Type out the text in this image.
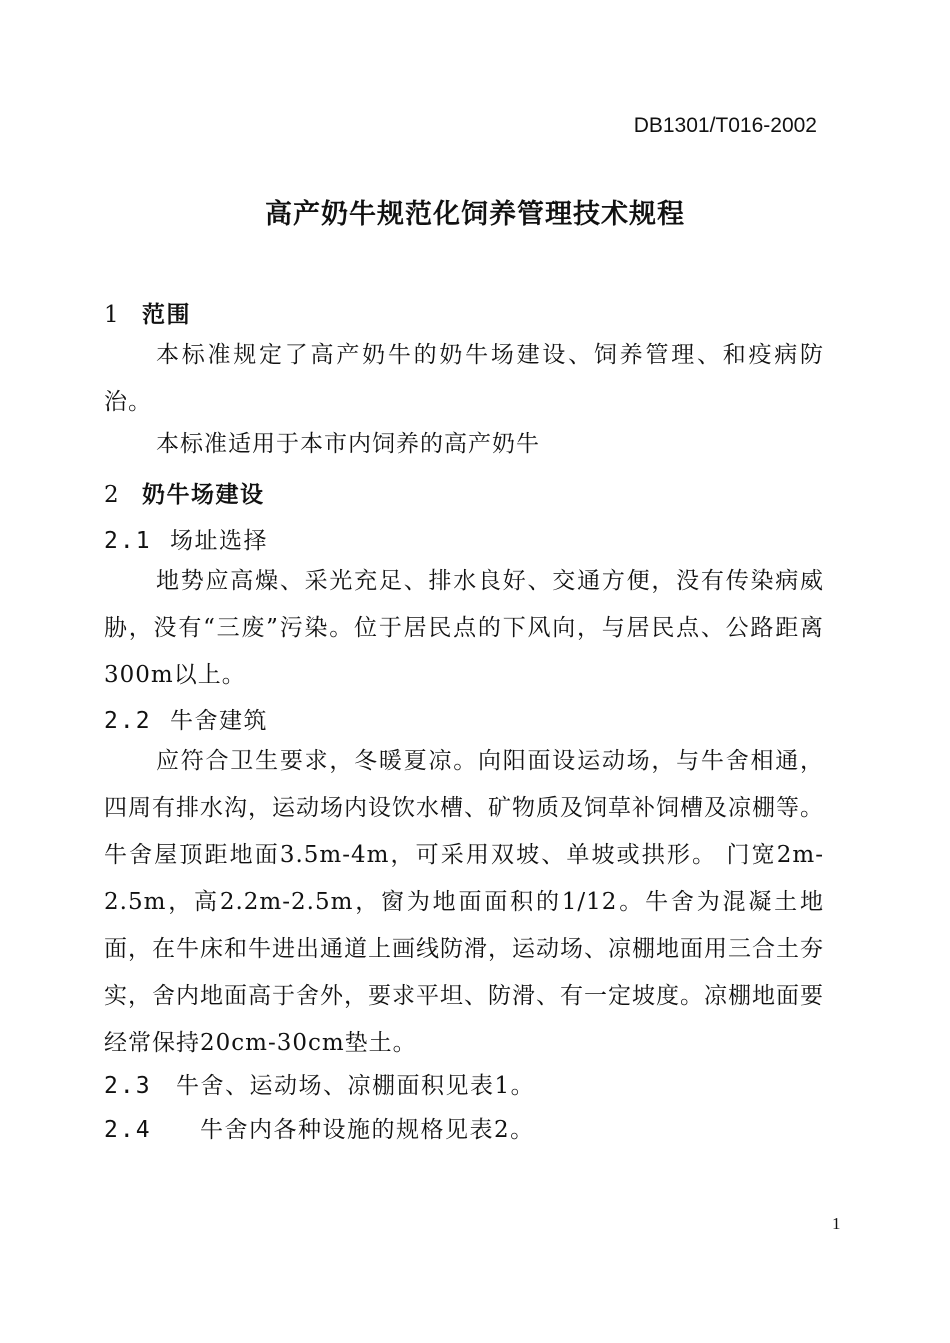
DB1301/T016-2002
高产奶牛规范化饲养管理技术规程
1 范围

本标准规定了高产奶牛的奶牛场建设、饲养管理、和疫病防治。

本标准适用于本市内饲养的高产奶牛

2 奶牛场建设
2.1 场址选择

地势应高燥、采光充足、排水良好、交通方便，没有传染病威胁，没有“三废”污染。位于居民点的下风向，与居民点、公路距离300m以上。

2.2 牛舍建筑

应符合卫生要求，冬暖夏凉。向阳面设运动场，与牛舍相通，四周有排水沟，运动场内设饮水槽、矿物质及饲草补饲槽及凉棚等。牛舍屋顶距地面3.5m-4m，可采用双坡、单坡或拱形。 门宽2m-2.5m，高2.2m-2.5m，窗为地面面积的1/12。牛舍为混凝土地面，在牛床和牛进出通道上画线防滑，运动场、凉棚地面用三合土夯实，舍内地面高于舍外，要求平坦、防滑、有一定坡度。凉棚地面要经常保持20cm-30cm垫土。

2.3 牛舍、运动场、凉棚面积见表1。
2.4 牛舍内各种设施的规格见表2。
1
